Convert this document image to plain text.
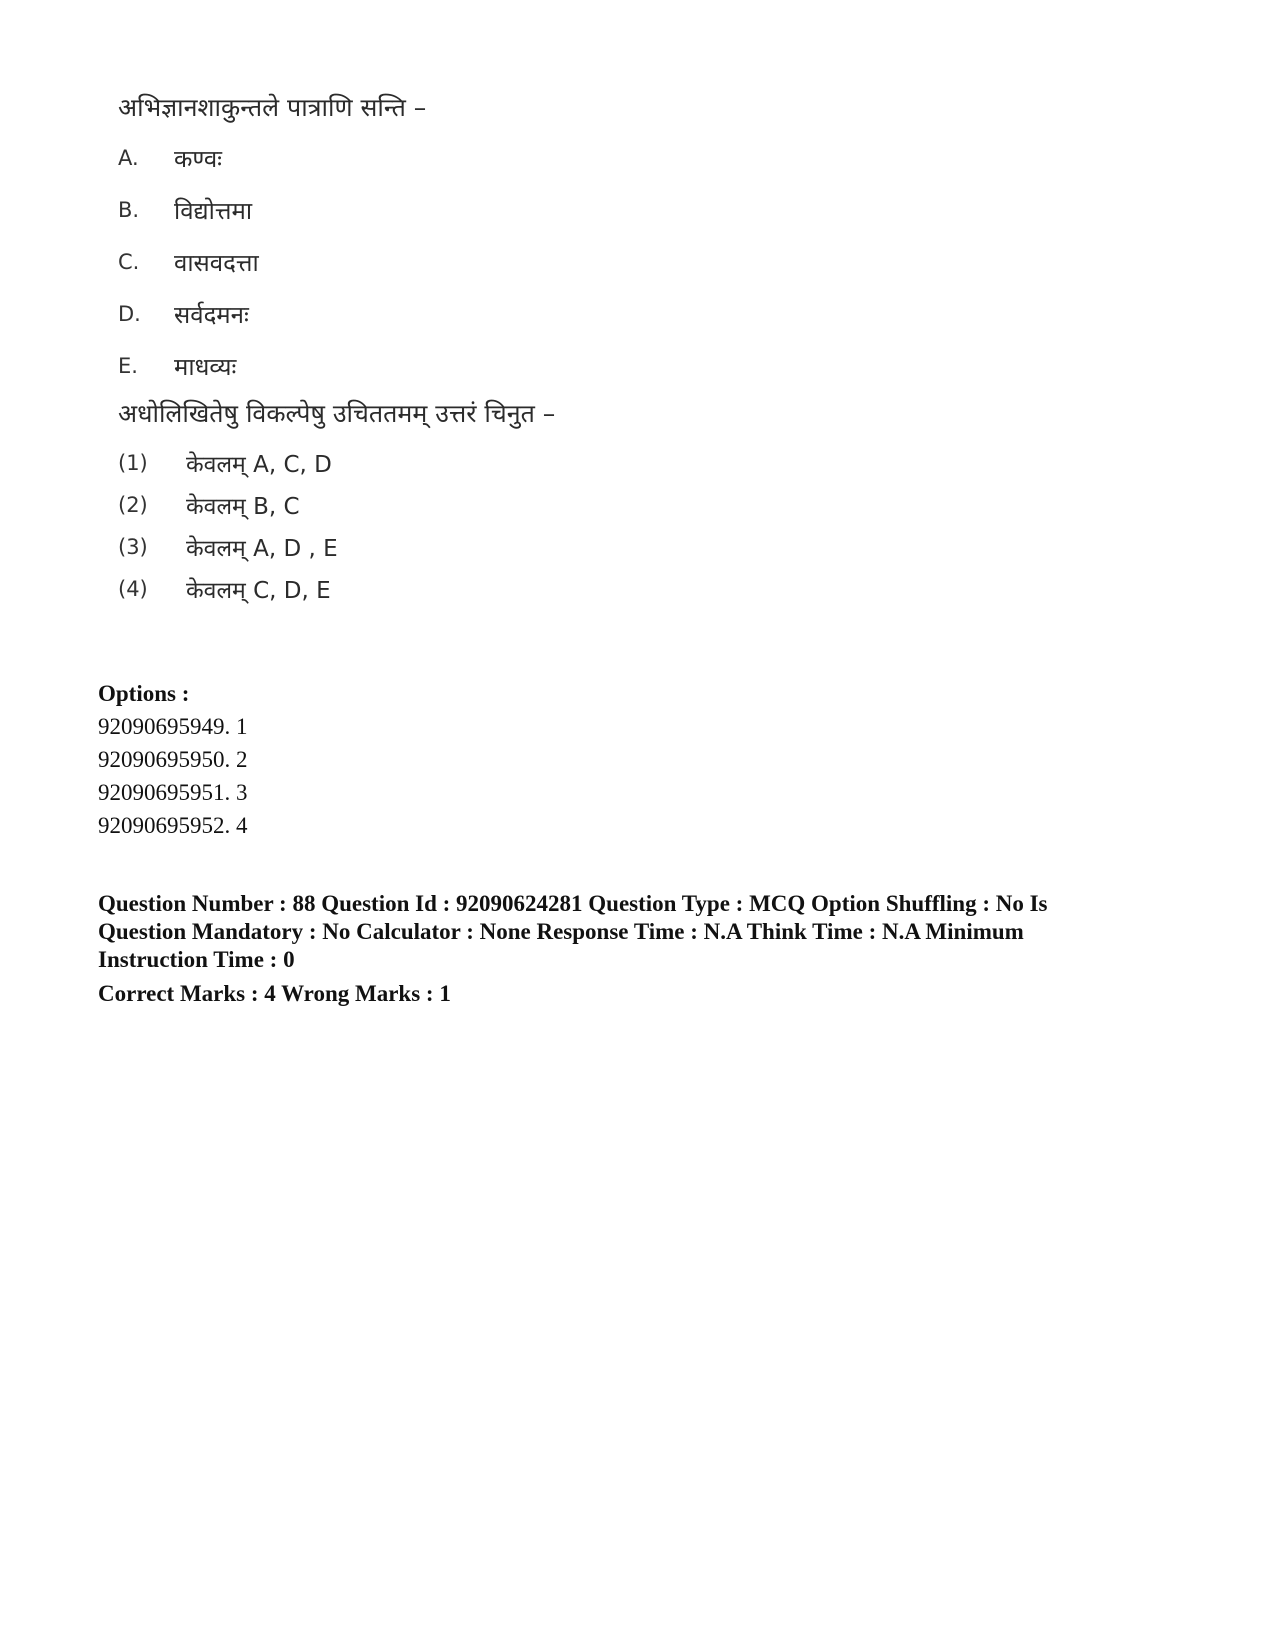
अभिज्ञानशाकुन्तले पात्राणि सन्ति –
A.	कण्वः
B.	विद्योत्तमा
C.	वासवदत्ता
D.	सर्वदमनः
E.	माधव्यः
अधोलिखितेषु विकल्पेषु उचिततमम् उत्तरं चिनुत –
(1)	केवलम् A, C, D
(2)	केवलम् B, C
(3)	केवलम् A, D , E
(4)	केवलम् C, D, E
Options :
92090695949. 1
92090695950. 2
92090695951. 3
92090695952. 4
Question Number : 88 Question Id : 92090624281 Question Type : MCQ Option Shuffling : No Is Question Mandatory : No Calculator : None Response Time : N.A Think Time : N.A Minimum Instruction Time : 0
Correct Marks : 4 Wrong Marks : 1
